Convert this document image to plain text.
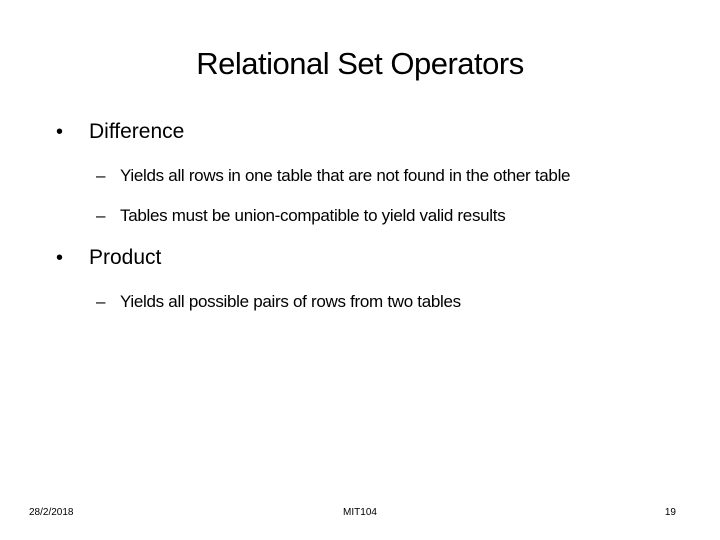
Relational Set Operators
• Difference
– Yields all rows in one table that are not found in the other table
– Tables must be union-compatible to yield valid results
• Product
– Yields all possible pairs of rows from two tables
28/2/2018	MIT104	19
